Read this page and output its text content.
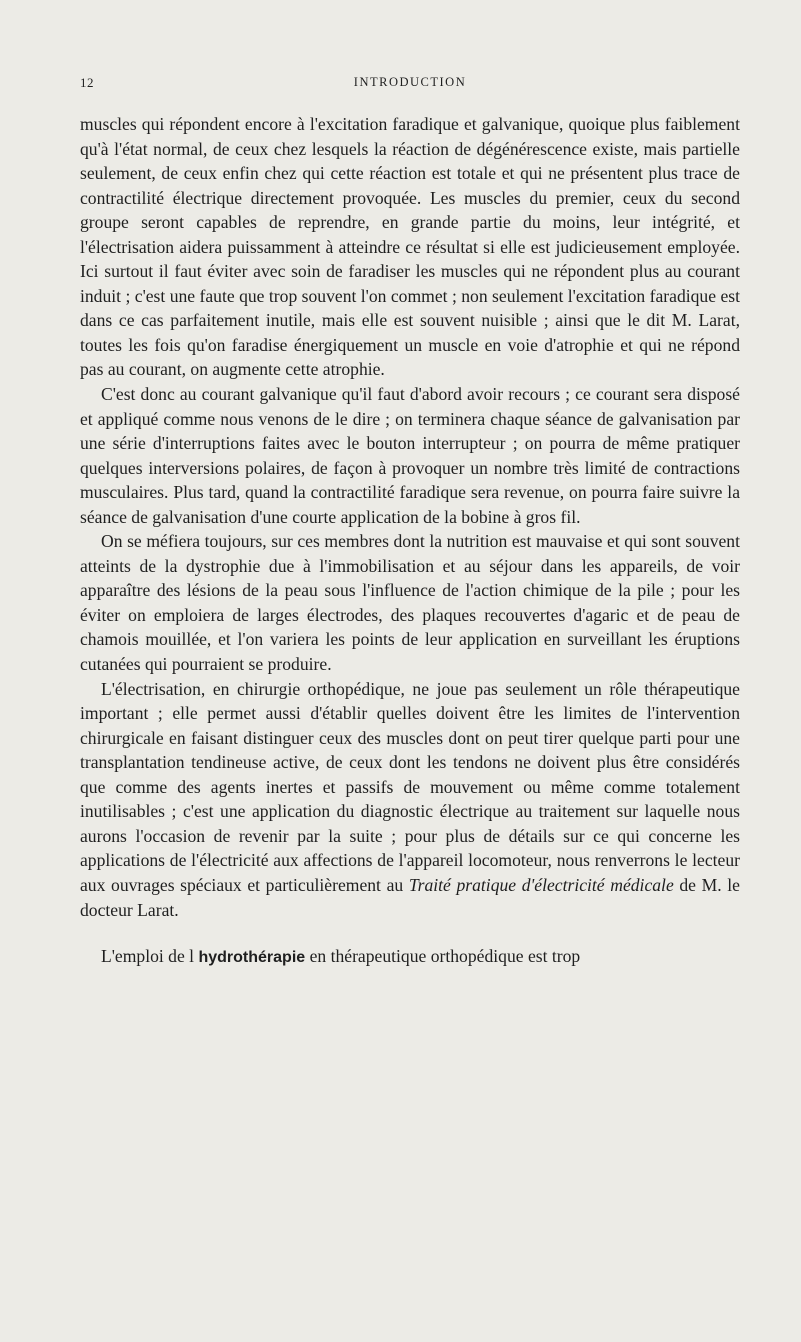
12	INTRODUCTION

muscles qui répondent encore à l'excitation faradique et galvanique, quoique plus faiblement qu'à l'état normal, de ceux chez lesquels la réaction de dégénérescence existe, mais partielle seulement, de ceux enfin chez qui cette réaction est totale et qui ne présentent plus trace de contractilité électrique directement provoquée. Les muscles du premier, ceux du second groupe seront capables de reprendre, en grande partie du moins, leur intégrité, et l'électrisation aidera puissamment à atteindre ce résultat si elle est judicieusement employée. Ici surtout il faut éviter avec soin de faradiser les muscles qui ne répondent plus au courant induit ; c'est une faute que trop souvent l'on commet ; non seulement l'excitation faradique est dans ce cas parfaitement inutile, mais elle est souvent nuisible ; ainsi que le dit M. Larat, toutes les fois qu'on faradise énergiquement un muscle en voie d'atrophie et qui ne répond pas au courant, on augmente cette atrophie.

C'est donc au courant galvanique qu'il faut d'abord avoir recours ; ce courant sera disposé et appliqué comme nous venons de le dire ; on terminera chaque séance de galvanisation par une série d'interruptions faites avec le bouton interrupteur ; on pourra de même pratiquer quelques interversions polaires, de façon à provoquer un nombre très limité de contractions musculaires. Plus tard, quand la contractilité faradique sera revenue, on pourra faire suivre la séance de galvanisation d'une courte application de la bobine à gros fil.

On se méfiera toujours, sur ces membres dont la nutrition est mauvaise et qui sont souvent atteints de la dystrophie due à l'immobilisation et au séjour dans les appareils, de voir apparaître des lésions de la peau sous l'influence de l'action chimique de la pile ; pour les éviter on emploiera de larges électrodes, des plaques recouvertes d'agaric et de peau de chamois mouillée, et l'on variera les points de leur application en surveillant les éruptions cutanées qui pourraient se produire.

L'électrisation, en chirurgie orthopédique, ne joue pas seulement un rôle thérapeutique important ; elle permet aussi d'établir quelles doivent être les limites de l'intervention chirurgicale en faisant distinguer ceux des muscles dont on peut tirer quelque parti pour une transplantation tendineuse active, de ceux dont les tendons ne doivent plus être considérés que comme des agents inertes et passifs de mouvement ou même comme totalement inutilisables ; c'est une application du diagnostic électrique au traitement sur laquelle nous aurons l'occasion de revenir par la suite ; pour plus de détails sur ce qui concerne les applications de l'électricité aux affections de l'appareil locomoteur, nous renverrons le lecteur aux ouvrages spéciaux et particulièrement au Traité pratique d'électricité médicale de M. le docteur Larat.

L'emploi de l hydrothérapie en thérapeutique orthopédique est trop
